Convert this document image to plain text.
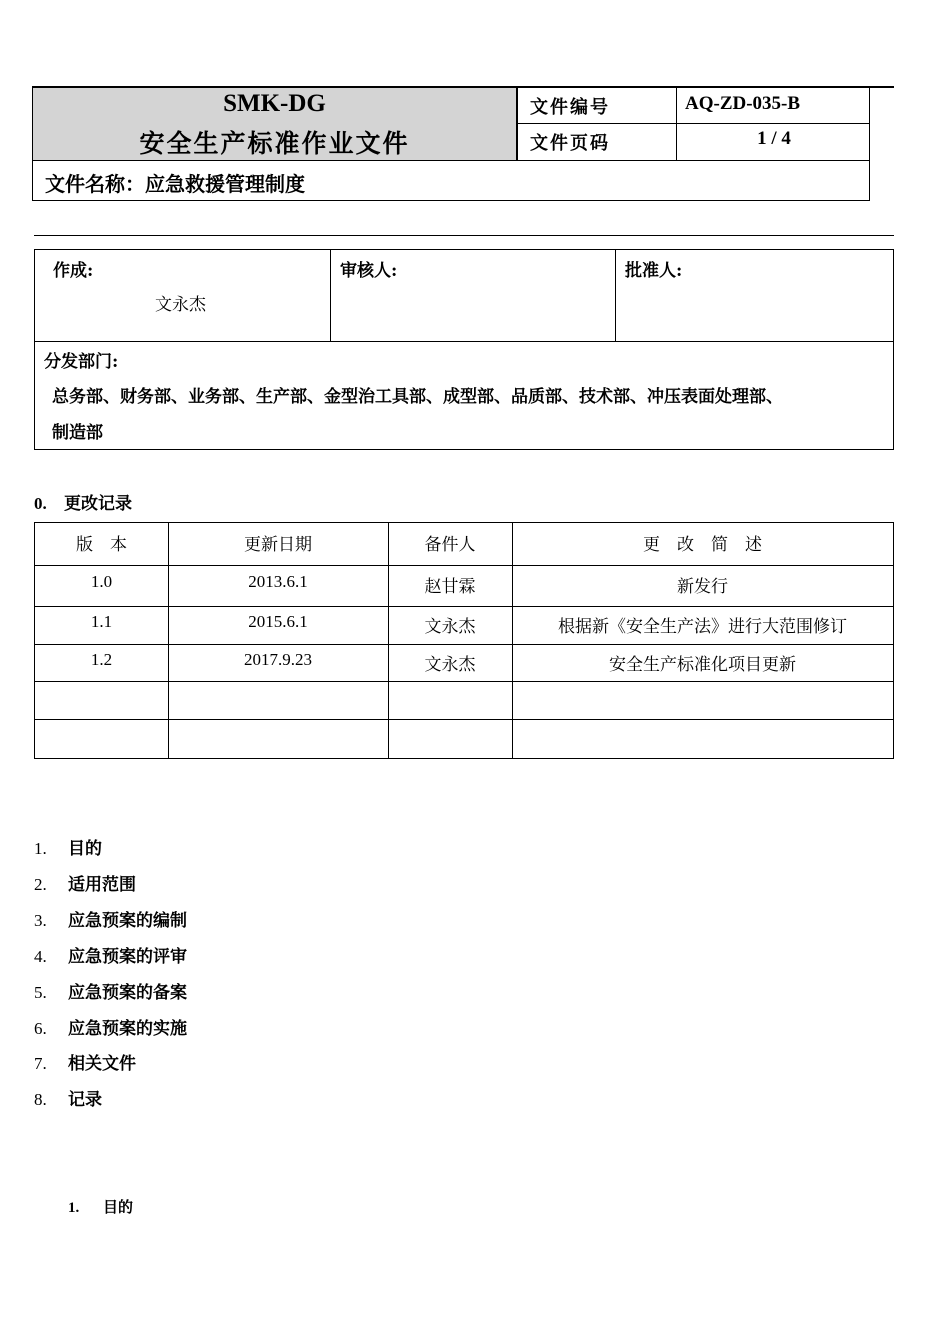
SMK-DG
安全生产标准作业文件
文件编号	AQ-ZD-035-B
文件页码	1 / 4
文件名称：应急救援管理制度
作成:
文永杰
审核人:	批准人:
分发部门:
总务部、财务部、业务部、生产部、金型治工具部、成型部、品质部、技术部、冲压表面处理部、
制造部
0. 更改记录
版　本	更新日期	备件人	更　改　简　述
1.0	2013.6.1	赵甘霖	新发行
1.1	2015.6.1	文永杰	根据新《安全生产法》进行大范围修订
1.2	2017.9.23	文永杰	安全生产标准化项目更新
1. 目的
2. 适用范围
3. 应急预案的编制
4. 应急预案的评审
5. 应急预案的备案
6. 应急预案的实施
7. 相关文件
8. 记录
1. 目的
